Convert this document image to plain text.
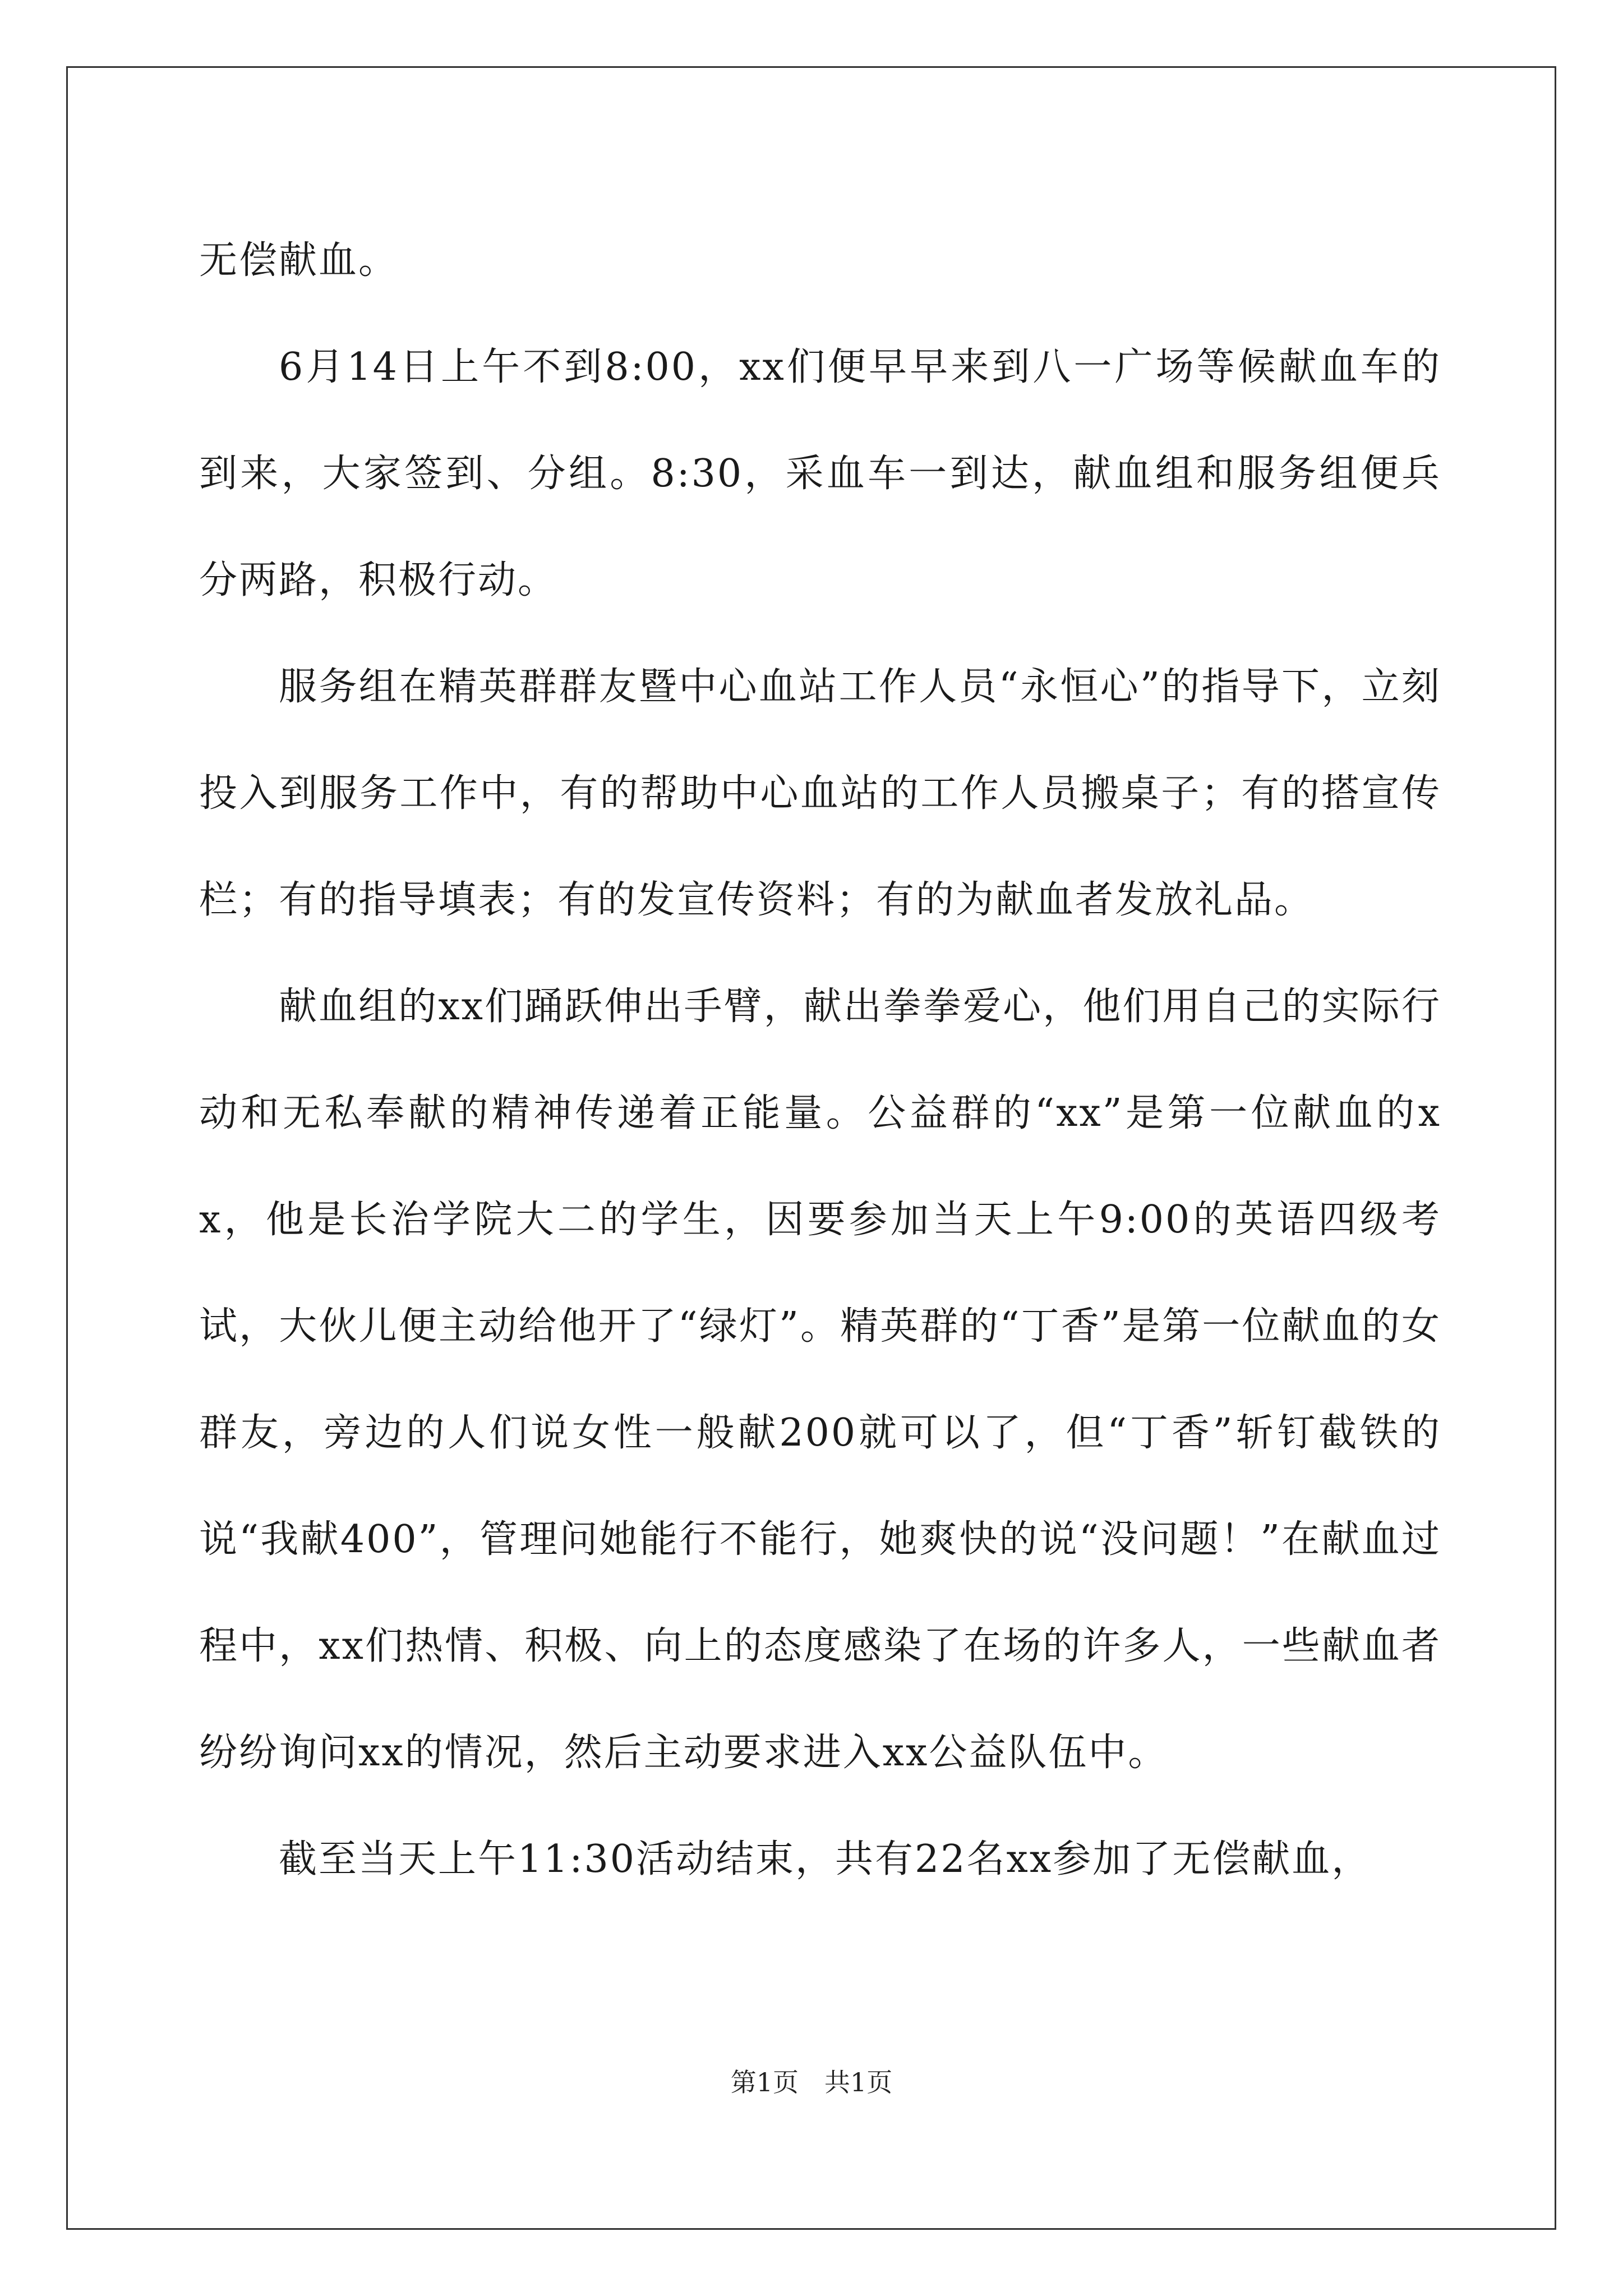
无偿献血。

6月14日上午不到8:00，xx们便早早来到八一广场等候献血车的到来，大家签到、分组。8:30，采血车一到达，献血组和服务组便兵分两路，积极行动。

服务组在精英群群友暨中心血站工作人员“永恒心”的指导下，立刻投入到服务工作中，有的帮助中心血站的工作人员搬桌子；有的搭宣传栏；有的指导填表；有的发宣传资料；有的为献血者发放礼品。

献血组的xx们踊跃伸出手臂，献出拳拳爱心，他们用自己的实际行动和无私奉献的精神传递着正能量。公益群的“xx”是第一位献血的xx，他是长治学院大二的学生，因要参加当天上午9:00的英语四级考试，大伙儿便主动给他开了“绿灯”。精英群的“丁香”是第一位献血的女群友，旁边的人们说女性一般献200就可以了，但“丁香”斩钉截铁的说“我献400”，管理问她能行不能行，她爽快的说“没问题！”在献血过程中，xx们热情、积极、向上的态度感染了在场的许多人，一些献血者纷纷询问xx的情况，然后主动要求进入xx公益队伍中。

截至当天上午11:30活动结束，共有22名xx参加了无偿献血，

第1页 共1页
